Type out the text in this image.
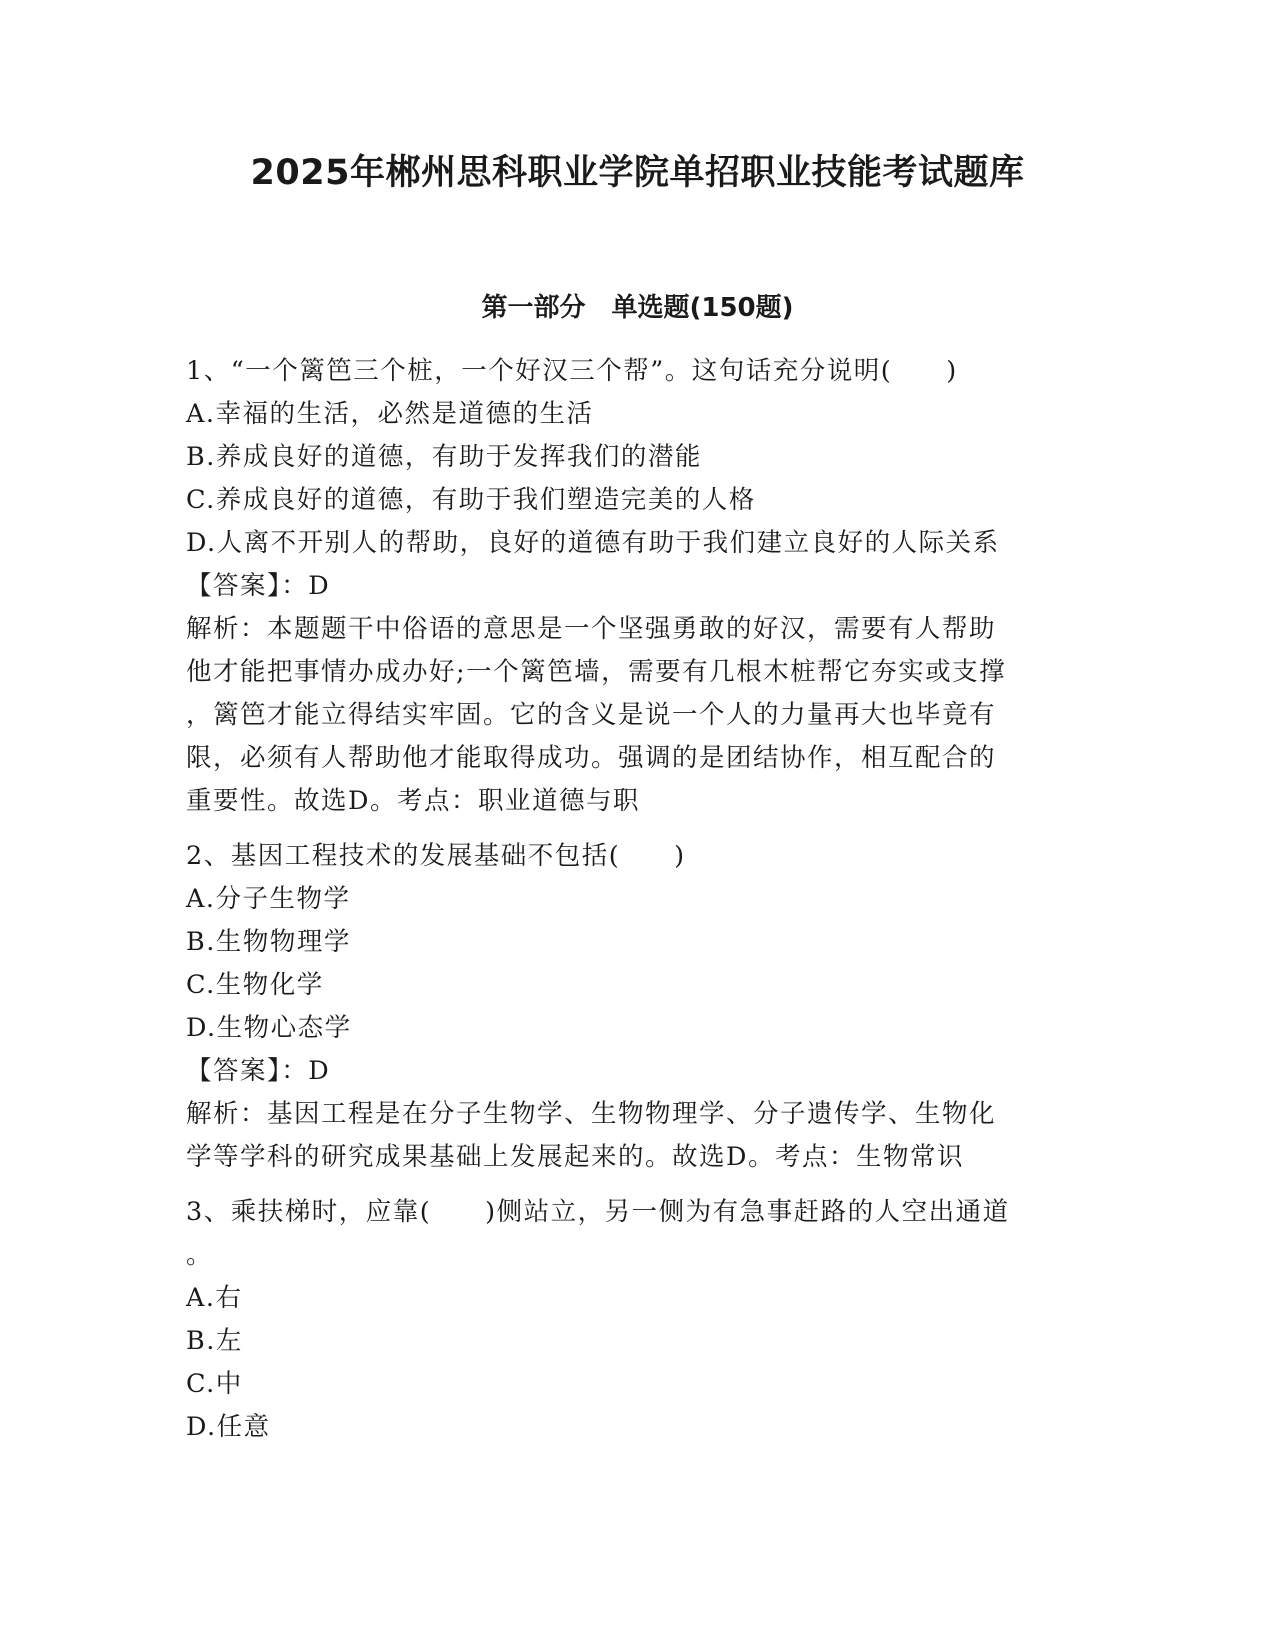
2025年郴州思科职业学院单招职业技能考试题库
第一部分　单选题(150题)
1、“一个篱笆三个桩，一个好汉三个帮”。这句话充分说明(　　)
A.幸福的生活，必然是道德的生活
B.养成良好的道德，有助于发挥我们的潜能
C.养成良好的道德，有助于我们塑造完美的人格
D.人离不开别人的帮助，良好的道德有助于我们建立良好的人际关系
【答案】：D
解析：本题题干中俗语的意思是一个坚强勇敢的好汉，需要有人帮助
他才能把事情办成办好;一个篱笆墙，需要有几根木桩帮它夯实或支撑
，篱笆才能立得结实牢固。它的含义是说一个人的力量再大也毕竟有
限，必须有人帮助他才能取得成功。强调的是团结协作，相互配合的
重要性。故选D。考点：职业道德与职
2、基因工程技术的发展基础不包括(　　)
A.分子生物学
B.生物物理学
C.生物化学
D.生物心态学
【答案】：D
解析：基因工程是在分子生物学、生物物理学、分子遗传学、生物化
学等学科的研究成果基础上发展起来的。故选D。考点：生物常识
3、乘扶梯时，应靠(　　)侧站立，另一侧为有急事赶路的人空出通道
。
A.右
B.左
C.中
D.任意
